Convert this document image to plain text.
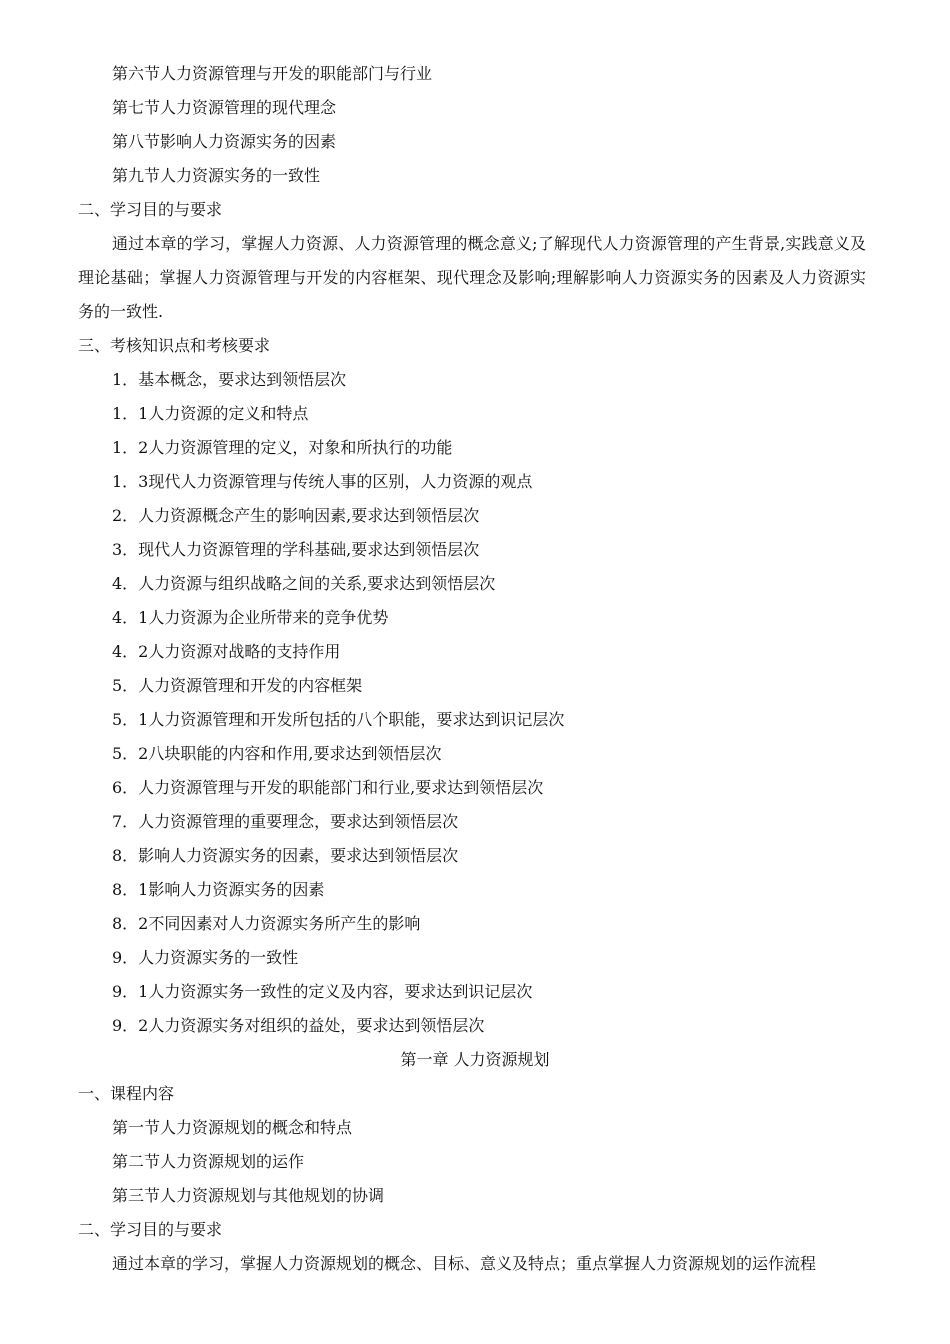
第六节人力资源管理与开发的职能部门与行业
第七节人力资源管理的现代理念
第八节影响人力资源实务的因素
第九节人力资源实务的一致性
二、学习目的与要求
通过本章的学习，掌握人力资源、人力资源管理的概念意义;了解现代人力资源管理的产生背景,实践意义及理论基础；掌握人力资源管理与开发的内容框架、现代理念及影响;理解影响人力资源实务的因素及人力资源实务的一致性.
三、考核知识点和考核要求
1．基本概念，要求达到领悟层次
1．1人力资源的定义和特点
1．2人力资源管理的定义，对象和所执行的功能
1．3现代人力资源管理与传统人事的区别，人力资源的观点
2．人力资源概念产生的影响因素,要求达到领悟层次
3．现代人力资源管理的学科基础,要求达到领悟层次
4．人力资源与组织战略之间的关系,要求达到领悟层次
4．1人力资源为企业所带来的竞争优势
4．2人力资源对战略的支持作用
5．人力资源管理和开发的内容框架
5．1人力资源管理和开发所包括的八个职能，要求达到识记层次
5．2八块职能的内容和作用,要求达到领悟层次
6．人力资源管理与开发的职能部门和行业,要求达到领悟层次
7．人力资源管理的重要理念，要求达到领悟层次
8．影响人力资源实务的因素，要求达到领悟层次
8．1影响人力资源实务的因素
8．2不同因素对人力资源实务所产生的影响
9．人力资源实务的一致性
9．1人力资源实务一致性的定义及内容，要求达到识记层次
9．2人力资源实务对组织的益处，要求达到领悟层次
第一章 人力资源规划
一、课程内容
第一节人力资源规划的概念和特点
第二节人力资源规划的运作
第三节人力资源规划与其他规划的协调
二、学习目的与要求
通过本章的学习，掌握人力资源规划的概念、目标、意义及特点；重点掌握人力资源规划的运作流程
